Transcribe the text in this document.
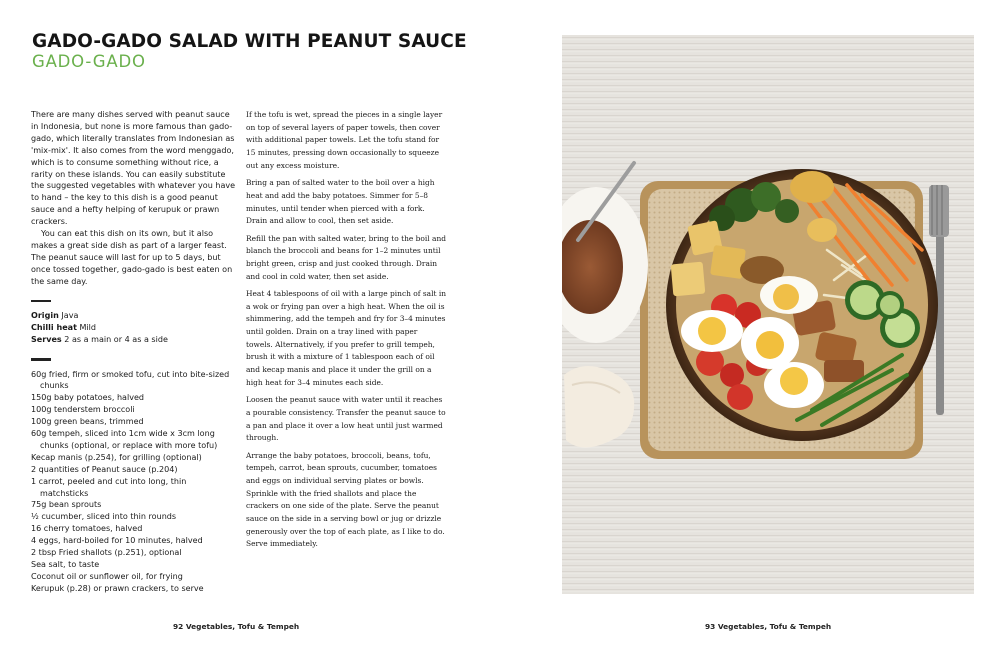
GADO-GADO SALAD WITH PEANUT SAUCE
GADO-GADO

There are many dishes served with peanut sauce in Indonesia, but none is more famous than gado-gado, which literally translates from Indonesian as 'mix-mix'. It also comes from the word menggado, which is to consume something without rice, a rarity on these islands. You can easily substitute the suggested vegetables with whatever you have to hand – the key to this dish is a good peanut sauce and a hefty helping of kerupuk or prawn crackers.

You can eat this dish on its own, but it also makes a great side dish as part of a larger feast. The peanut sauce will last for up to 5 days, but once tossed together, gado-gado is best eaten on the same day.

Origin Java

Chilli heat Mild

Serves 2 as a main or 4 as a side

60g fried, firm or smoked tofu, cut into bite-sized chunks

150g baby potatoes, halved

100g tenderstem broccoli

100g green beans, trimmed

60g tempeh, sliced into 1cm wide x 3cm long chunks (optional, or replace with more tofu)

Kecap manis (p.254), for grilling (optional)

2 quantities of Peanut sauce (p.204)

1 carrot, peeled and cut into long, thin matchsticks

75g bean sprouts

½ cucumber, sliced into thin rounds

16 cherry tomatoes, halved

4 eggs, hard-boiled for 10 minutes, halved

2 tbsp Fried shallots (p.251), optional

Sea salt, to taste

Coconut oil or sunflower oil, for frying

Kerupuk (p.28) or prawn crackers, to serve

If the tofu is wet, spread the pieces in a single layer on top of several layers of paper towels, then cover with additional paper towels. Let the tofu stand for 15 minutes, pressing down occasionally to squeeze out any excess moisture.

Bring a pan of salted water to the boil over a high heat and add the baby potatoes. Simmer for 5–8 minutes, until tender when pierced with a fork. Drain and allow to cool, then set aside.

Refill the pan with salted water, bring to the boil and blanch the broccoli and beans for 1–2 minutes until bright green, crisp and just cooked through. Drain and cool in cold water, then set aside.

Heat 4 tablespoons of oil with a large pinch of salt in a wok or frying pan over a high heat. When the oil is shimmering, add the tempeh and fry for 3–4 minutes until golden. Drain on a tray lined with paper towels. Alternatively, if you prefer to grill tempeh, brush it with a mixture of 1 tablespoon each of oil and kecap manis and place it under the grill on a high heat for 3–4 minutes each side.

Loosen the peanut sauce with water until it reaches a pourable consistency. Transfer the peanut sauce to a pan and place it over a low heat until just warmed through.

Arrange the baby potatoes, broccoli, beans, tofu, tempeh, carrot, bean sprouts, cucumber, tomatoes and eggs on individual serving plates or bowls. Sprinkle with the fried shallots and place the crackers on one side of the plate. Serve the peanut sauce on the side in a serving bowl or jug or drizzle generously over the top of each plate, as I like to do. Serve immediately.

92 Vegetables, Tofu & Tempeh	93 Vegetables, Tofu & Tempeh
